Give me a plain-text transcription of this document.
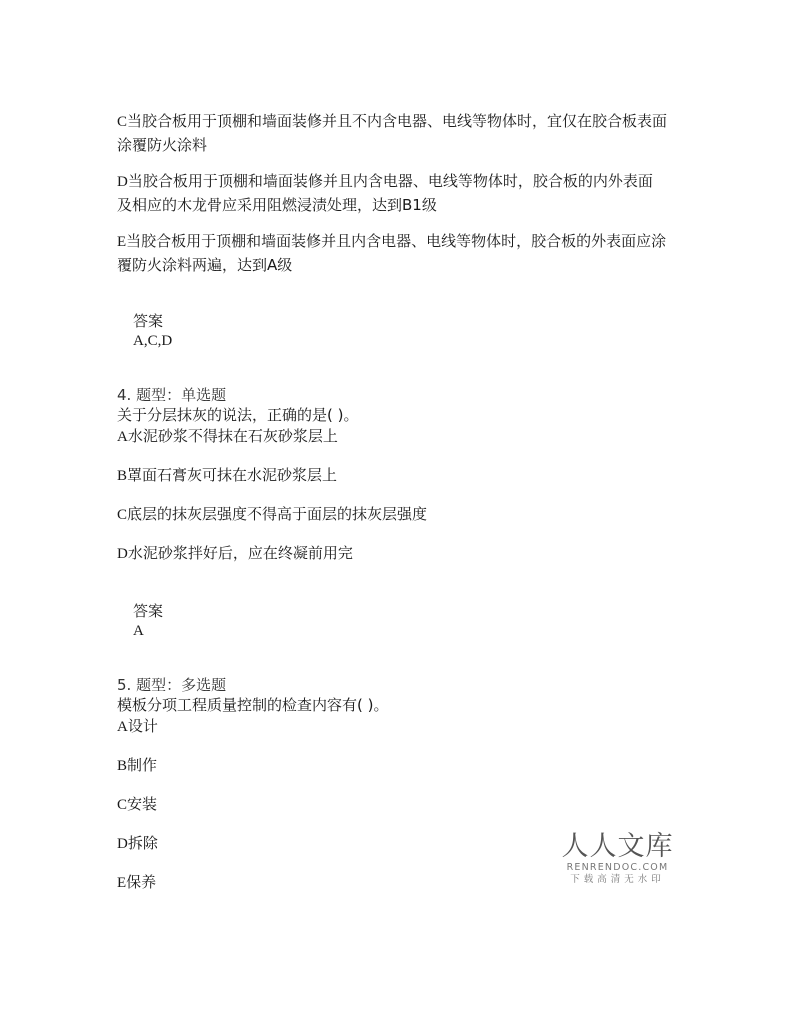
C当胶合板用于顶棚和墙面装修并且不内含电器、电线等物体时，宜仅在胶合板表面
涂覆防火涂料
D当胶合板用于顶棚和墙面装修并且内含电器、电线等物体时，胶合板的内外表面
及相应的木龙骨应采用阻燃浸渍处理，达到B1级
E当胶合板用于顶棚和墙面装修并且内含电器、电线等物体时，胶合板的外表面应涂
覆防火涂料两遍，达到A级
答案
A,C,D
4. 题型：单选题
关于分层抹灰的说法，正确的是( )。
A水泥砂浆不得抹在石灰砂浆层上
B罩面石膏灰可抹在水泥砂浆层上
C底层的抹灰层强度不得高于面层的抹灰层强度
D水泥砂浆拌好后，应在终凝前用完
答案
A
5. 题型：多选题
模板分项工程质量控制的检查内容有( )。
A设计
B制作
C安装
D拆除
E保养
人人文库
RENRENDOC.COM
下载高清无水印
